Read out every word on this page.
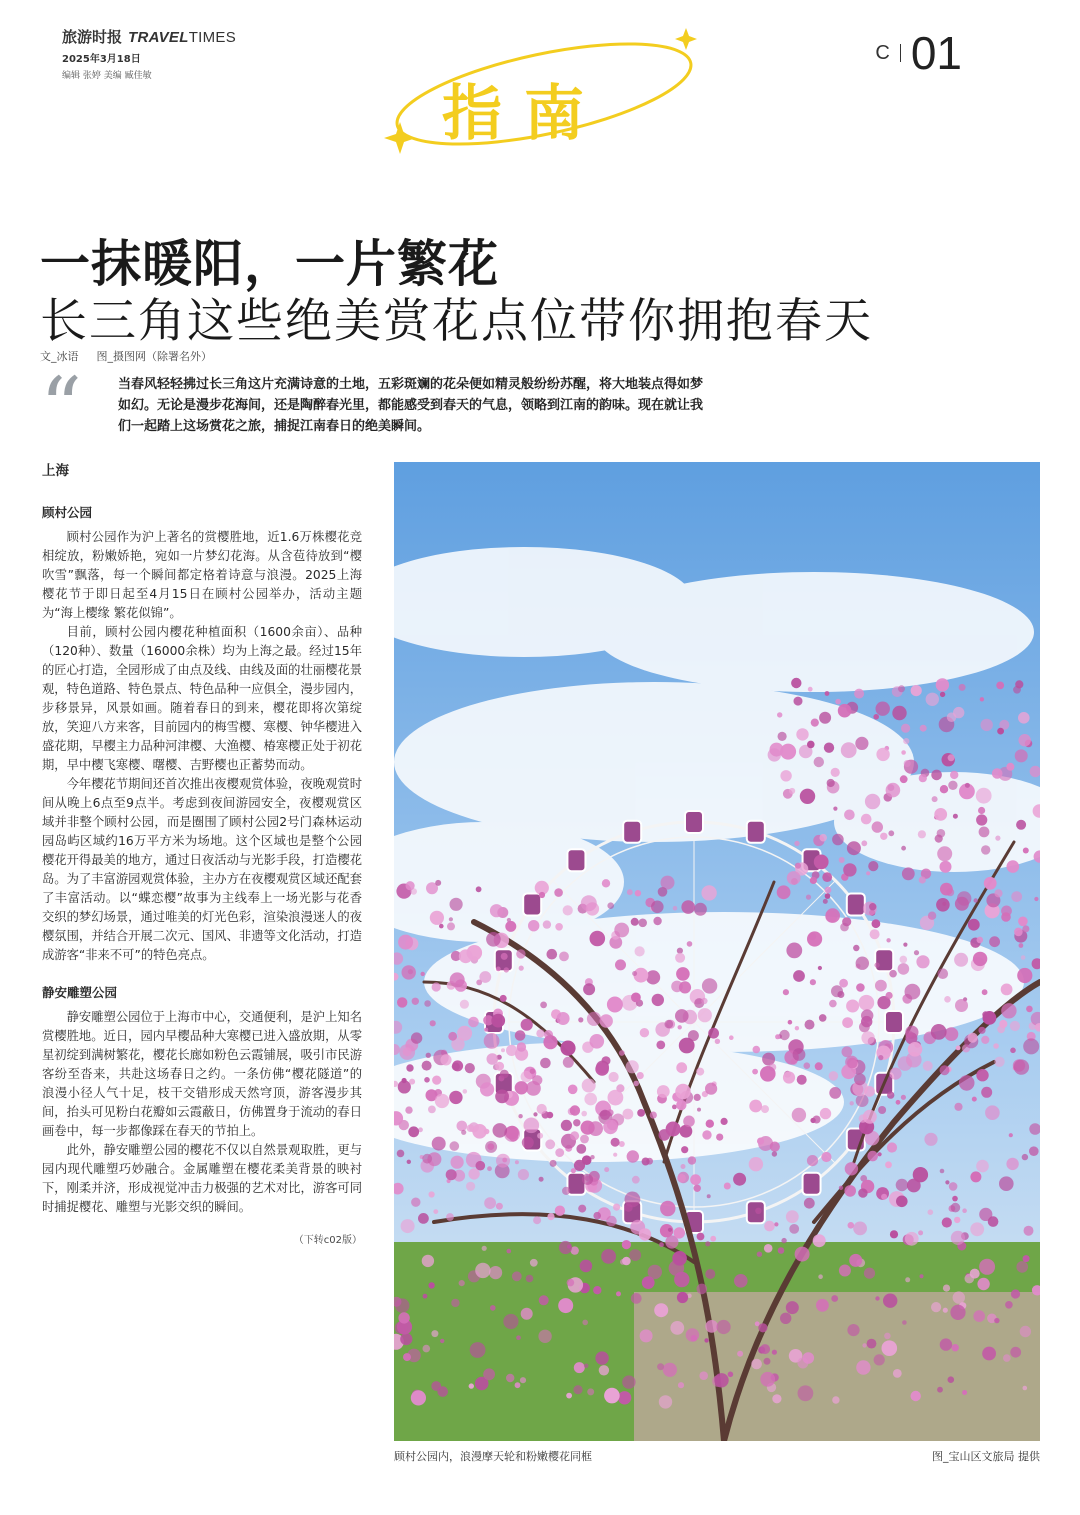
旅游时报 TRAVELTIMES
2025年3月18日
编辑 张婷 美编 臧佳敏
C 01
指南
一抹暖阳，一片繁花
长三角这些绝美赏花点位带你拥抱春天
文_冰语 图_摄图网（除署名外）
“	当春风轻轻拂过长三角这片充满诗意的土地，五彩斑斓的花朵便如精灵般纷纷苏醒，将大地装点得如梦如幻。无论是漫步花海间，还是陶醉春光里，都能感受到春天的气息，领略到江南的韵味。现在就让我们一起踏上这场赏花之旅，捕捉江南春日的绝美瞬间。
上海
顾村公园

顾村公园作为沪上著名的赏樱胜地，近1.6万株樱花竞相绽放，粉嫩娇艳，宛如一片梦幻花海。从含苞待放到“樱吹雪”飘落，每一个瞬间都定格着诗意与浪漫。2025上海樱花节于即日起至4月15日在顾村公园举办，活动主题为“海上樱缘 繁花似锦”。

目前，顾村公园内樱花种植面积（1600余亩）、品种（120种）、数量（16000余株）均为上海之最。经过15年的匠心打造，全园形成了由点及线、由线及面的壮丽樱花景观，特色道路、特色景点、特色品种一应俱全，漫步园内，步移景异，风景如画。随着春日的到来，樱花即将次第绽放，笑迎八方来客，目前园内的梅雪樱、寒樱、钟华樱进入盛花期，早樱主力品种河津樱、大渔樱、椿寒樱正处于初花期，早中樱飞寒樱、曙樱、吉野樱也正蓄势而动。

今年樱花节期间还首次推出夜樱观赏体验，夜晚观赏时间从晚上6点至9点半。考虑到夜间游园安全，夜樱观赏区域并非整个顾村公园，而是圈围了顾村公园2号门森林运动园岛屿区域约16万平方米为场地。这个区域也是整个公园樱花开得最美的地方，通过日夜活动与光影手段，打造樱花岛。为了丰富游园观赏体验，主办方在夜樱观赏区域还配套了丰富活动。以“蝶恋樱”故事为主线奉上一场光影与花香交织的梦幻场景，通过唯美的灯光色彩，渲染浪漫迷人的夜樱氛围，并结合开展二次元、国风、非遗等文化活动，打造成游客“非来不可”的特色亮点。

静安雕塑公园

静安雕塑公园位于上海市中心，交通便利，是沪上知名赏樱胜地。近日，园内早樱品种大寒樱已进入盛放期，从零星初绽到满树繁花，樱花长廊如粉色云霞铺展，吸引市民游客纷至沓来，共赴这场春日之约。一条仿佛“樱花隧道”的浪漫小径人气十足，枝干交错形成天然穹顶，游客漫步其间，抬头可见粉白花瓣如云霞蔽日，仿佛置身于流动的春日画卷中，每一步都像踩在春天的节拍上。

此外，静安雕塑公园的樱花不仅以自然景观取胜，更与园内现代雕塑巧妙融合。金属雕塑在樱花柔美背景的映衬下，刚柔并济，形成视觉冲击力极强的艺术对比，游客可同时捕捉樱花、雕塑与光影交织的瞬间。

（下转c02版）
顾村公园内，浪漫摩天轮和粉嫩樱花同框	图_宝山区文旅局 提供
